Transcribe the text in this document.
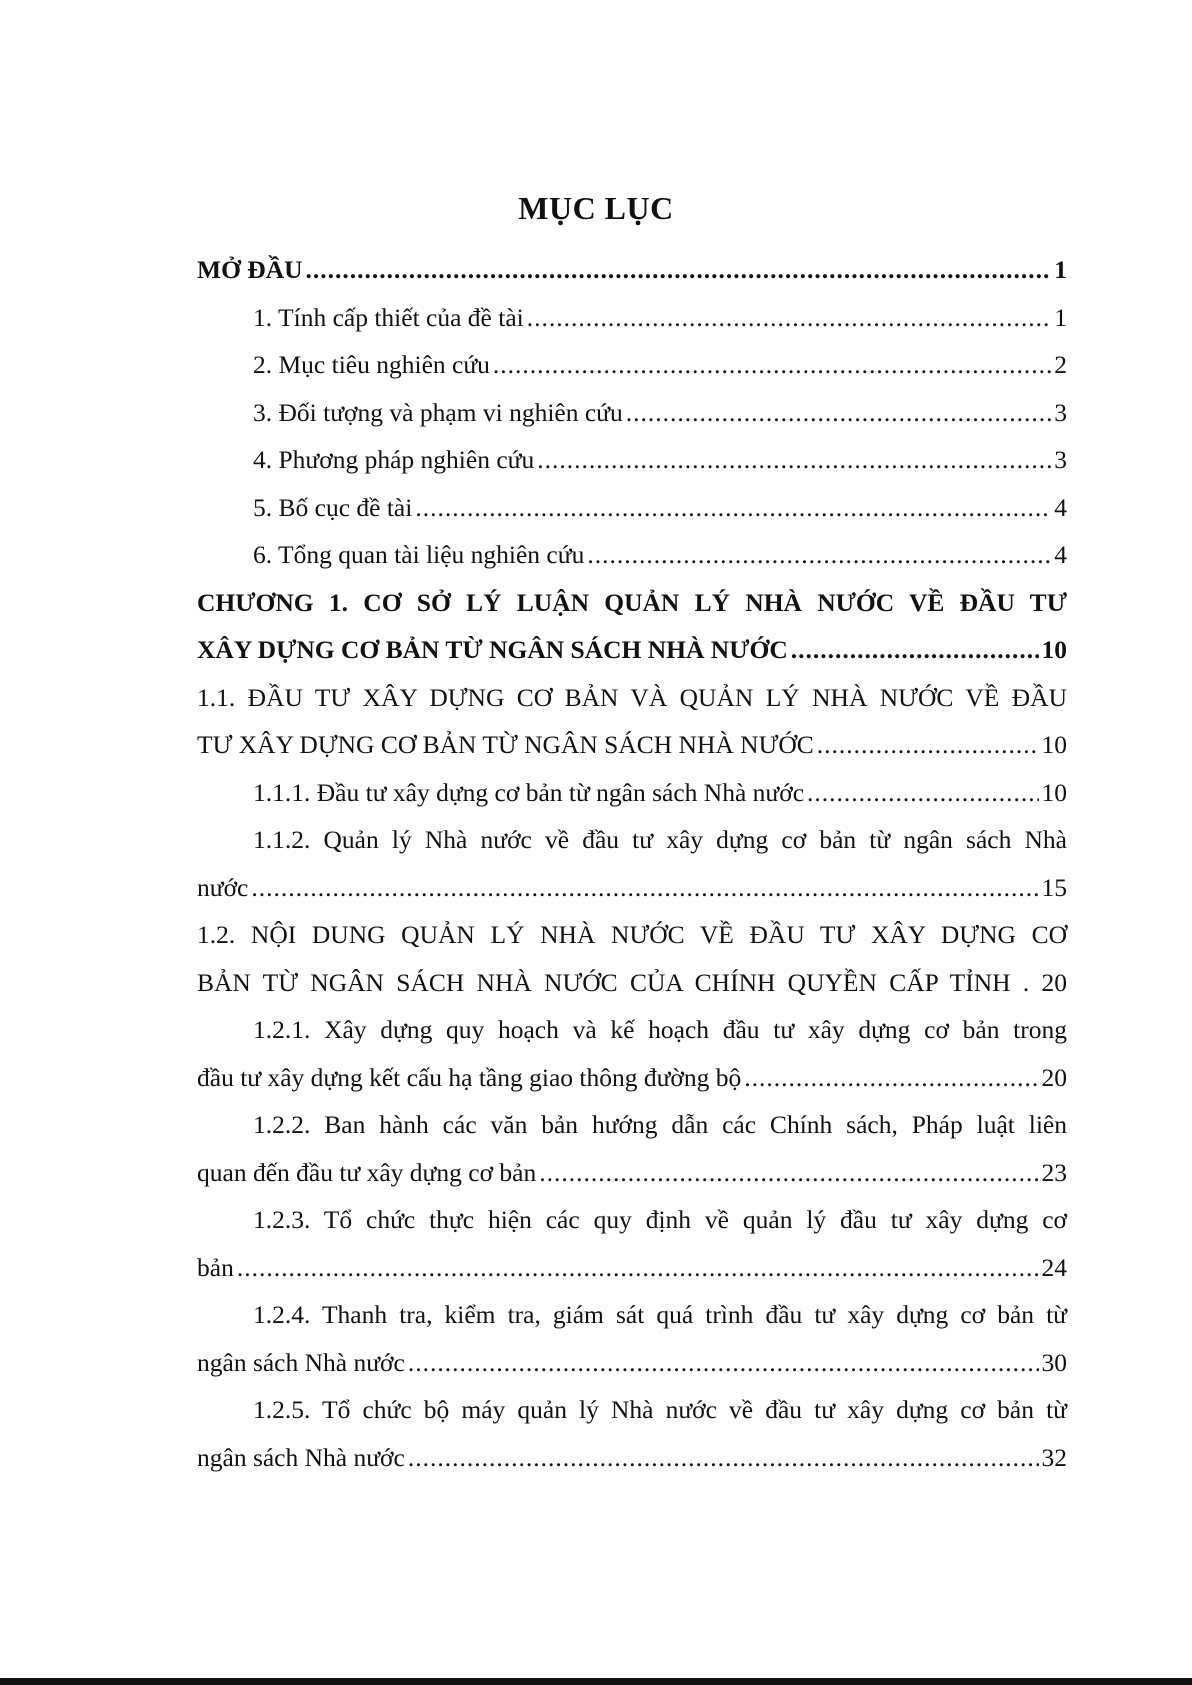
MỤC LỤC
MỞ ĐẦU .....	1
1. Tính cấp thiết của đề tài .....	1
2. Mục tiêu nghiên cứu .....	2
3. Đối tượng và phạm vi nghiên cứu .....	3
4. Phương pháp nghiên cứu .....	3
5. Bố cục đề tài .....	4
6. Tổng quan tài liệu nghiên cứu .....	4
CHƯƠNG 1. CƠ SỞ LÝ LUẬN QUẢN LÝ NHÀ NƯỚC VỀ ĐẦU TƯ
XÂY DỰNG CƠ BẢN TỪ NGÂN SÁCH NHÀ NƯỚC .....	10
1.1. ĐẦU TƯ XÂY DỰNG CƠ BẢN VÀ QUẢN LÝ NHÀ NƯỚC VỀ ĐẦU
TƯ XÂY DỰNG CƠ BẢN TỪ NGÂN SÁCH NHÀ NƯỚC .....	10
1.1.1. Đầu tư xây dựng cơ bản từ ngân sách Nhà nước .....	10
1.1.2. Quản lý Nhà nước về đầu tư xây dựng cơ bản từ ngân sách Nhà
nước .....	15
1.2. NỘI DUNG QUẢN LÝ NHÀ NƯỚC VỀ ĐẦU TƯ XÂY DỰNG CƠ
BẢN TỪ NGÂN SÁCH NHÀ NƯỚC CỦA CHÍNH QUYỀN CẤP TỈNH . 20
1.2.1. Xây dựng quy hoạch và kế hoạch đầu tư xây dựng cơ bản trong
đầu tư xây dựng kết cấu hạ tầng giao thông đường bộ .....	20
1.2.2. Ban hành các văn bản hướng dẫn các Chính sách, Pháp luật liên
quan đến đầu tư xây dựng cơ bản .....	23
1.2.3. Tổ chức thực hiện các quy định về quản lý đầu tư xây dựng cơ
bản .....	24
1.2.4. Thanh tra, kiểm tra, giám sát quá trình đầu tư xây dựng cơ bản từ
ngân sách Nhà nước .....	30
1.2.5. Tổ chức bộ máy quản lý Nhà nước về đầu tư xây dựng cơ bản từ
ngân sách Nhà nước .....	32
